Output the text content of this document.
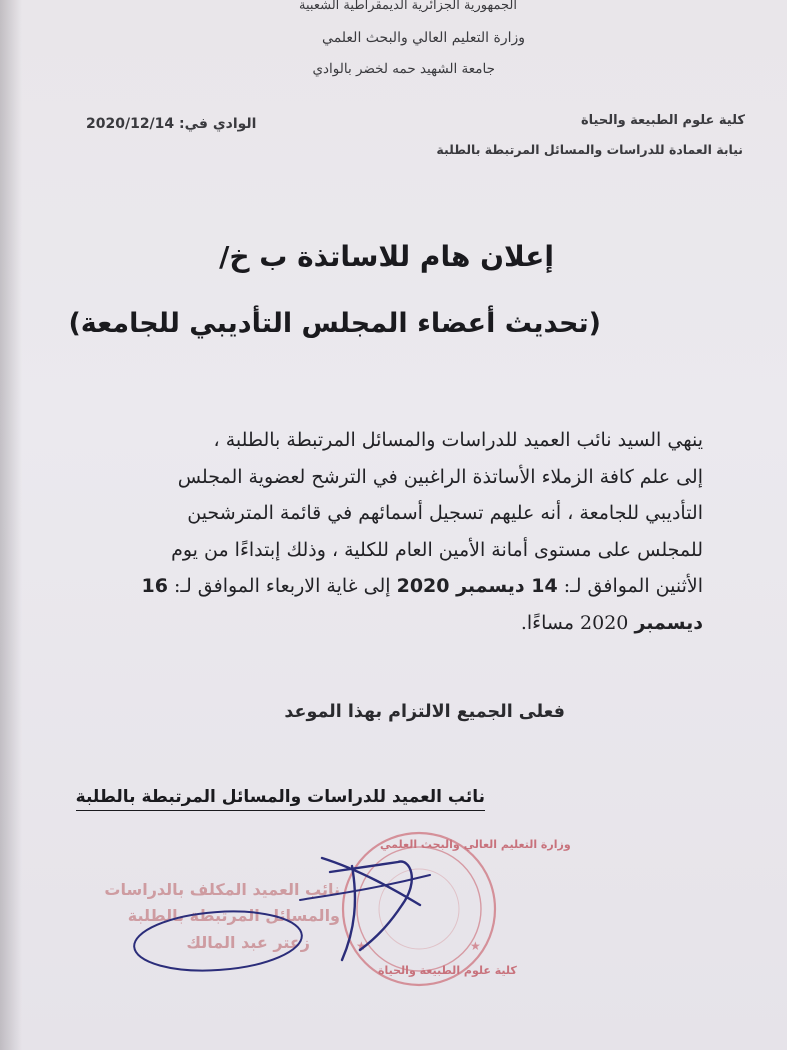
الجمهورية الجزائرية الديمقراطية الشعبية
وزارة التعليم العالي والبحث العلمي
جامعة الشهيد حمه لخضر بالوادي
كلية علوم الطبيعة والحياة
نيابة العمادة للدراسات والمسائل المرتبطة بالطلبة
الوادي في: 2020/12/14
إعلان هام للاساتذة ب خ/
(تحديث أعضاء المجلس التأديبي للجامعة)

ينهي السيد نائب العميد للدراسات والمسائل المرتبطة بالطلبة ،

إلى علم كافة الزملاء الأساتذة الراغبين في الترشح لعضوية المجلس

التأديبي للجامعة ، أنه عليهم تسجيل أسمائهم في قائمة المترشحين

للمجلس على مستوى أمانة الأمين العام للكلية ، وذلك إبتداءًا من يوم

الأثنين الموافق لـ: 14 ديسمبر 2020 إلى غاية الاربعاء الموافق لـ: 16

ديسمبر 2020 مساءًا.

فعلى الجميع الالتزام بهذا الموعد
نائب العميد للدراسات والمسائل المرتبطة بالطلبة
نائب العميد المكلف بالدراسات
والمسائل المرتبطة بالطلبة
زعتر عبد المالك	★	★
وزارة التعليم العالي والبحث العلمي
كلية علوم الطبيعة والحياة
